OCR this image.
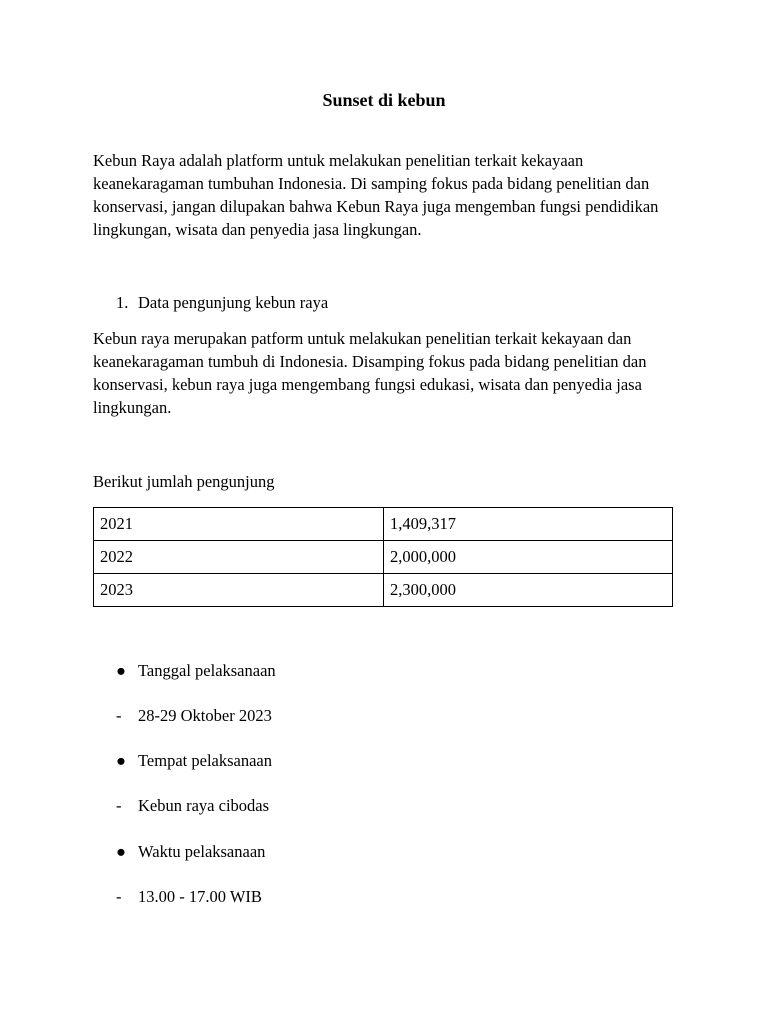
Sunset di kebun

Kebun Raya adalah platform untuk melakukan penelitian terkait kekayaan keanekaragaman tumbuhan Indonesia. Di samping fokus pada bidang penelitian dan konservasi, jangan dilupakan bahwa Kebun Raya juga mengemban fungsi pendidikan lingkungan, wisata dan penyedia jasa lingkungan.

1. Data pengunjung kebun raya

Kebun raya merupakan patform untuk melakukan penelitian terkait kekayaan dan keanekaragaman tumbuh di Indonesia. Disamping fokus pada bidang penelitian dan konservasi, kebun raya juga mengembang fungsi edukasi, wisata dan penyedia jasa lingkungan.

Berikut jumlah pengunjung
2021	1,409,317
2022	2,000,000
2023	2,300,000
● Tanggal pelaksanaan
- 28-29 Oktober 2023
● Tempat pelaksanaan
- Kebun raya cibodas
● Waktu pelaksanaan
- 13.00 - 17.00 WIB
